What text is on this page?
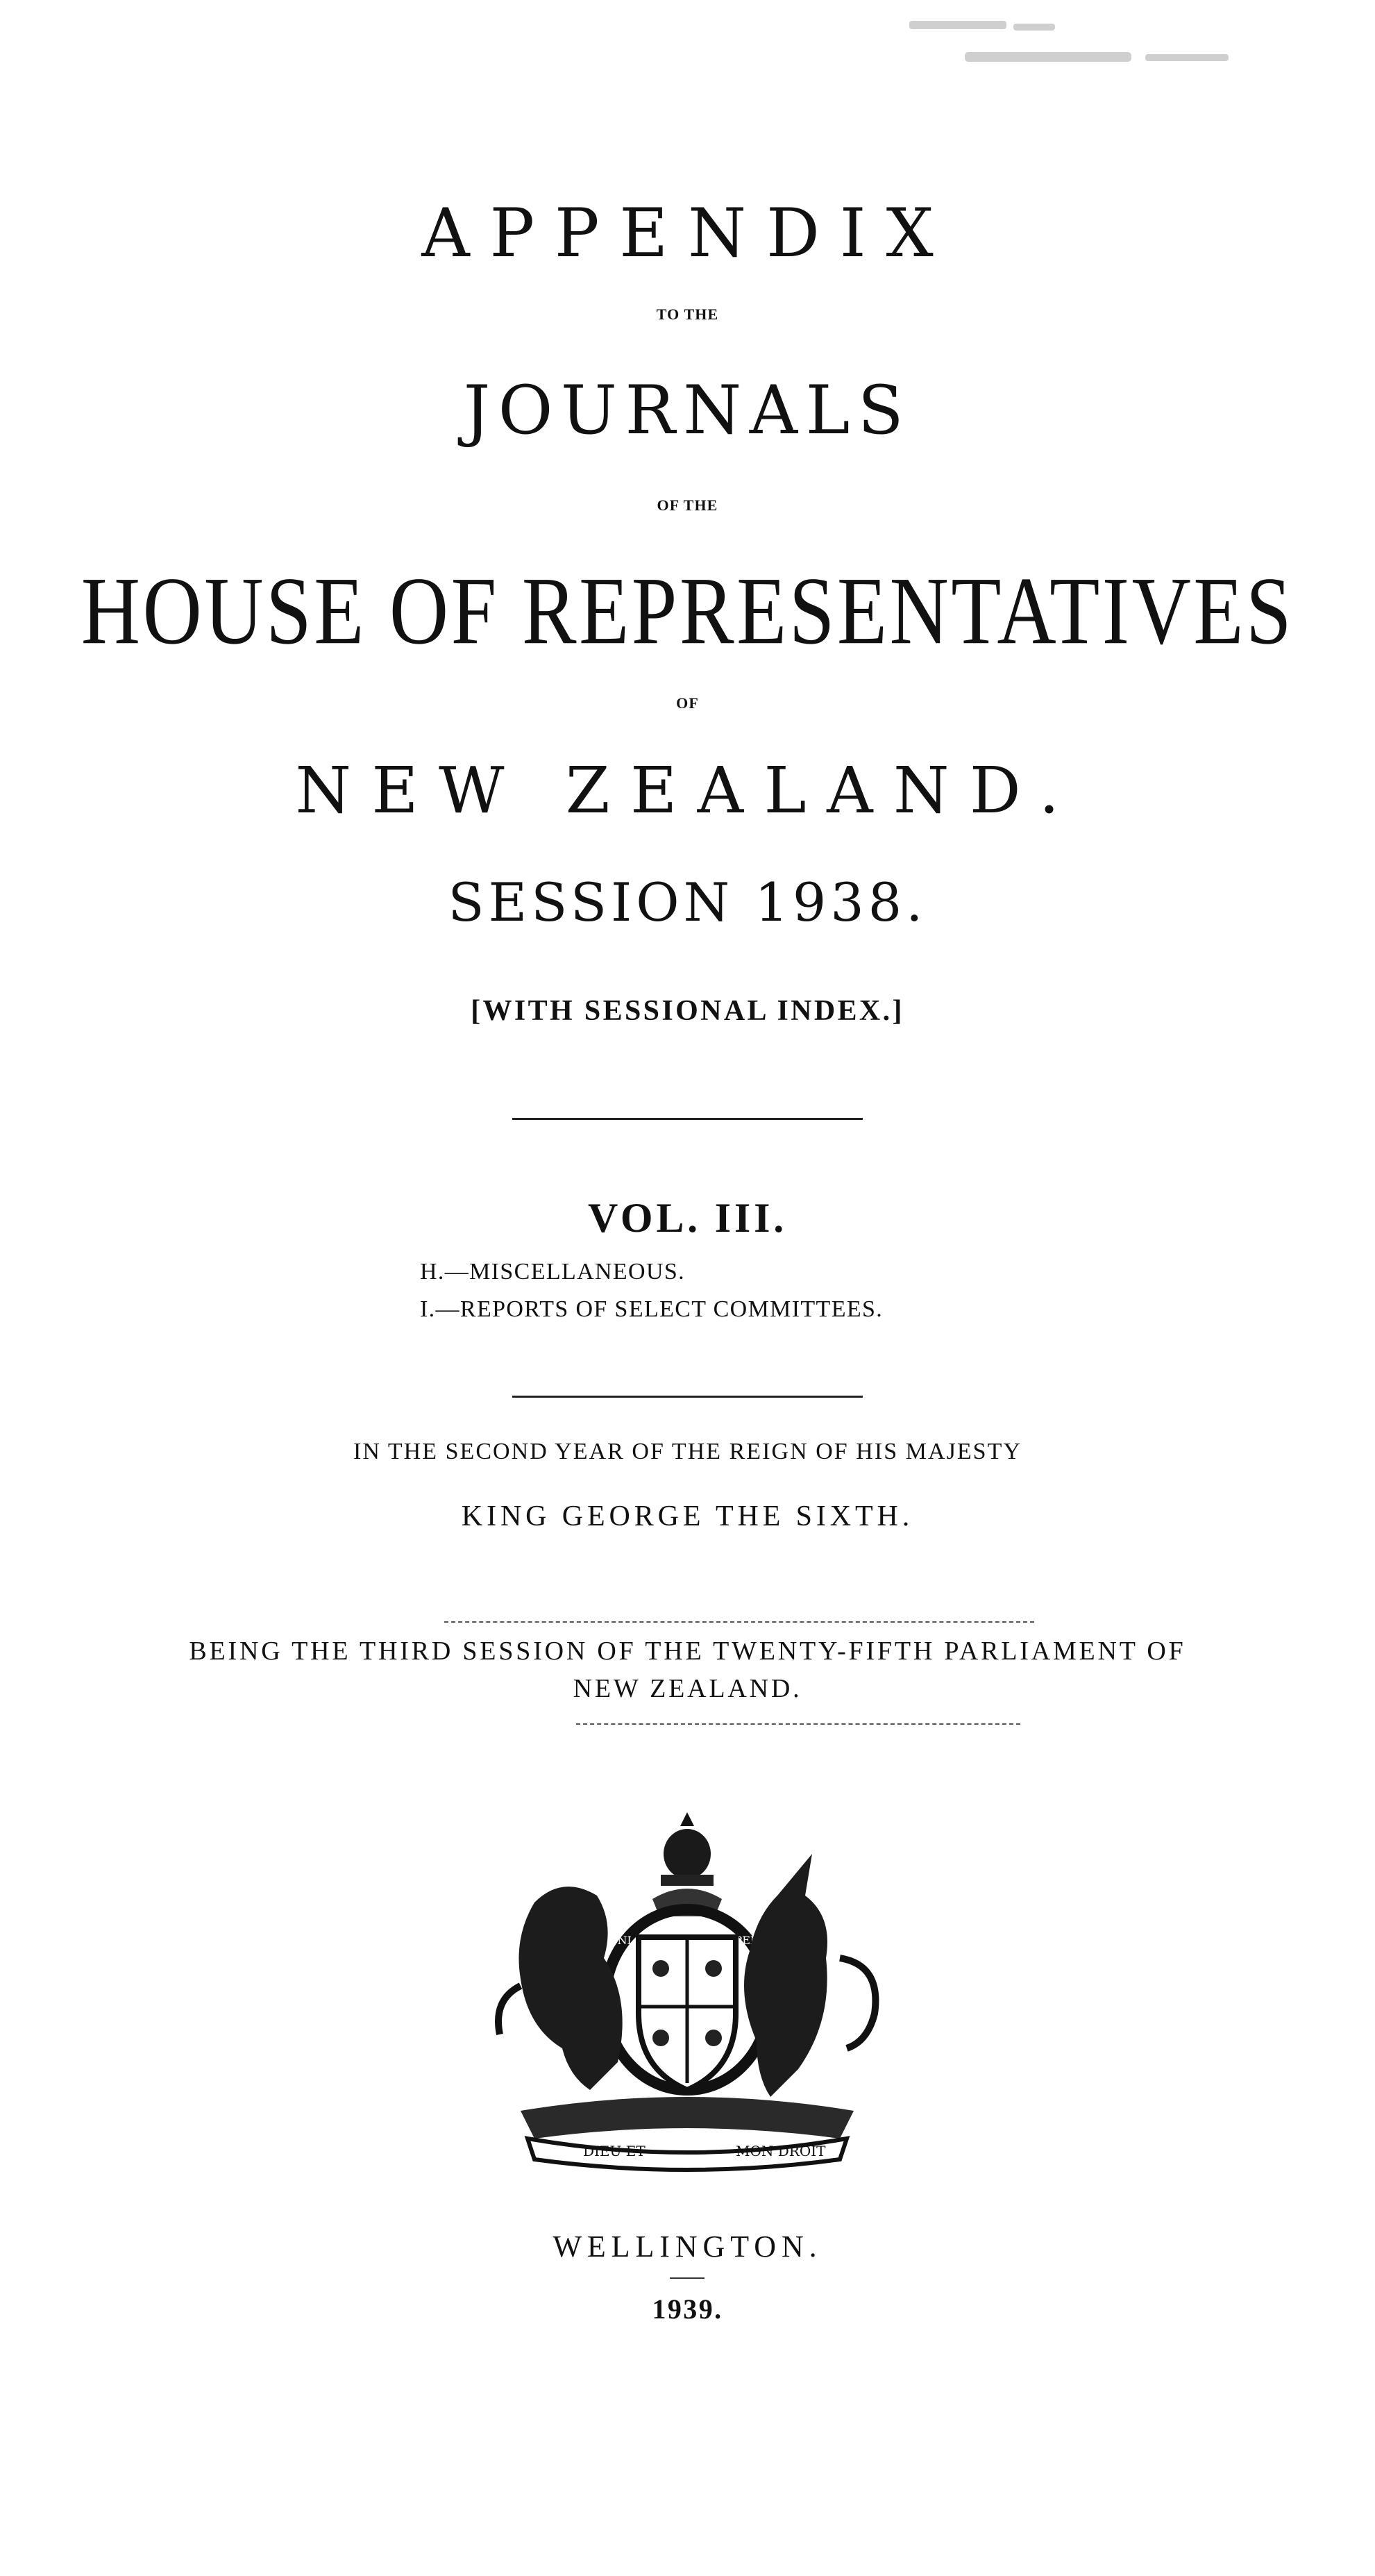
APPENDIX
TO THE
JOURNALS
OF THE
HOUSE OF REPRESENTATIVES
OF
NEW ZEALAND.
SESSION 1938.
[WITH SESSIONAL INDEX.]
VOL. III.
H.—MISCELLANEOUS.
I.—REPORTS OF SELECT COMMITTEES.
IN THE SECOND YEAR OF THE REIGN OF HIS MAJESTY
KING GEORGE THE SIXTH.
BEING THE THIRD SESSION OF THE TWENTY-FIFTH PARLIAMENT OF
NEW ZEALAND.
HONI
DIEU ET	MON DROIT
WELLINGTON.
1939.
